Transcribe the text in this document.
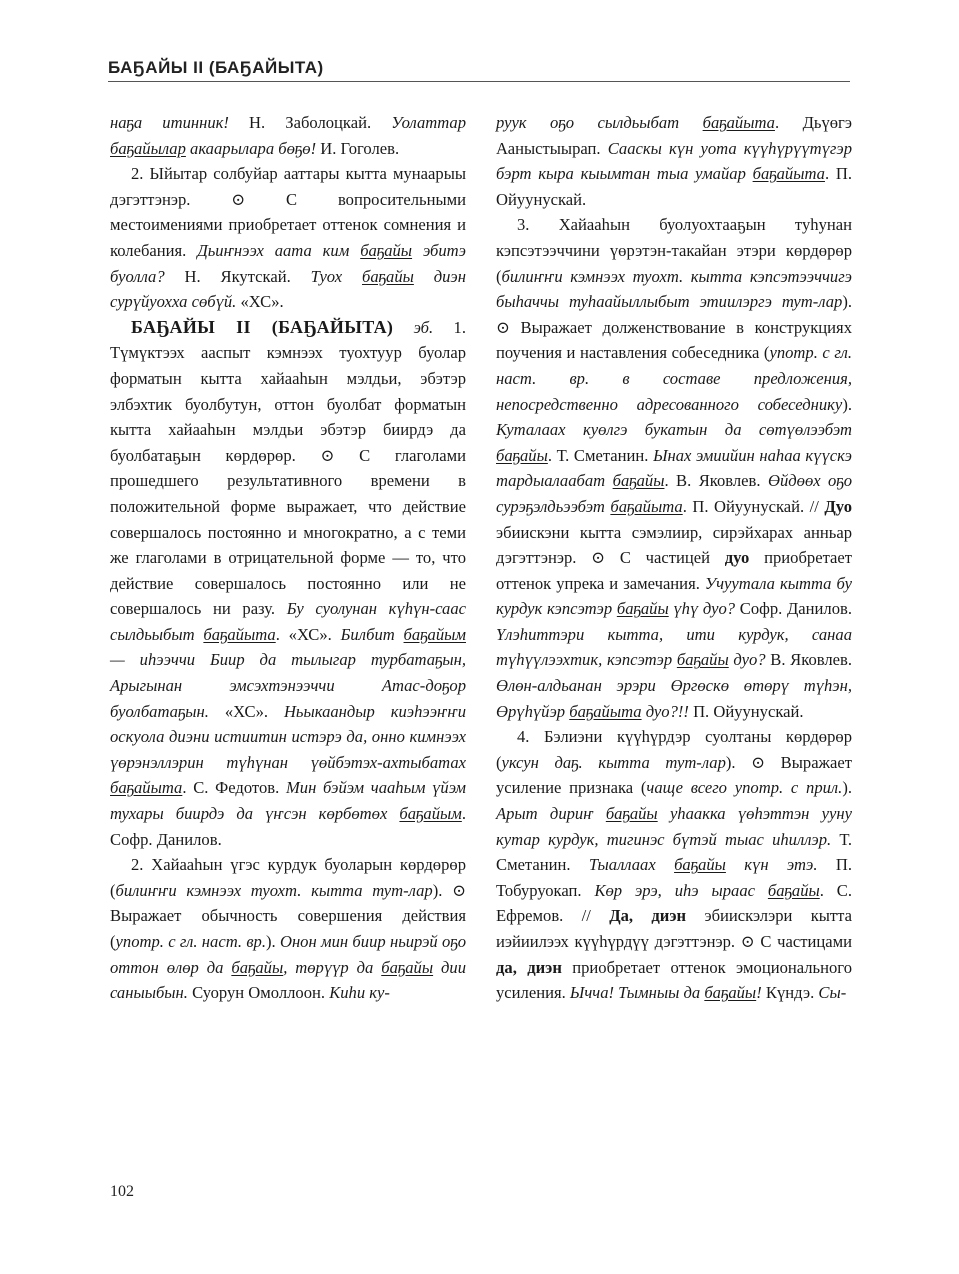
БАҔАЙЫ II (БАҔАЙЫТА)

наҕа итинник! Н. Заболоцкай. Уолаттар баҕайылар акаарылара бөҕө! И. Гоголев.

2. Ыйытар солбуйар ааттары кытта мунаарыы дэгэттэнэр. ⊙ С вопросительными местоимениями приобретает оттенок сомнения и колебания. Дьиҥнээх аата ким баҕайы эбитэ буолла? Н. Якутскай. Туох баҕайы диэн сурүйуохха сөбүй. «ХС».

БАҔАЙЫ II (БАҔАЙЫТА) эб. 1. Түмүктээх ааспыт кэмнээх туохтуур буолар форматын кытта хайааһын мэлдьи, эбэтэр элбэхтик буолбутун, оттон буолбат форматын кытта хайааһын мэлдьи эбэтэр биирдэ да буолбатаҕын көрдөрөр. ⊙ С глаголами прошедшего результативного времени в положительной форме выражает, что действие совершалось постоянно и многократно, а с теми же глаголами в отрицательной форме — то, что действие совершалось постоянно или не совершалось ни разу. Бу суолунан күһүн-саас сылдьыбыт баҕайыта. «ХС». Билбит баҕайым — иһээччи Биир да тылыгар турбатаҕын, Арыгынан эмсэхтэнээччи Атас-доҕор буолбатаҕын. «ХС». Ньыкаандыр киэһээҥҥи оскуола диэни истиитин истэрэ да, онно кимнээх үөрэнэллэрин түһүнан үөйбэтэх-ахтыбатах баҕайыта. С. Федотов. Мин бэйэм чааһым үйэм тухары биирдэ да үҥсэн көрбөтөх баҕайым. Софр. Данилов.

2. Хайааһын үгэс курдук буоларын көрдөрөр (билиҥҥи кэмнээх туохт. кытта тут-лар). ⊙ Выражает обычность совершения действия (употр. с гл. наст. вр.). Онон мин биир ньирэй оҕо оттон өлөр да баҕайы, төрүүр да баҕайы дии саныыбын. Суорун Омоллоон. Киһи ку-

руук оҕо сылдьыбат баҕайыта. Дьүөгэ Ааныстыырап. Сааскы күн уота күүһүрүүтүгэр бэрт кыра кыымтан тыа умайар баҕайыта. П. Ойуунускай.

3. Хайааһын буолуохтааҕын туһунан кэпсэтээччини үөрэтэн-такайан этэри көрдөрөр (билиҥҥи кэмнээх туохт. кытта кэпсэтээччигэ быһаччы туһаайыллыбыт этиилэргэ тут-лар). ⊙ Выражает долженствование в конструкциях поучения и наставления собеседника (употр. с гл. наст. вр. в составе предложения, непосредственно адресованного собеседнику). Куталаах куөлгэ букатын да сөтүөлээбэт баҕайы. Т. Сметанин. Ынах эмиийин наһаа күүскэ тардыалаабат баҕайы. В. Яковлев. Өйдөөх оҕо сурэҕэлдьээбэт баҕайыта. П. Ойуунускай. // Дуо эбиискэни кытта сэмэлиир, сирэйхарах анньар дэгэттэнэр. ⊙ С частицей дуо приобретает оттенок упрека и замечания. Учуутала кытта бу курдук кэпсэтэр баҕайы үһү дуо? Софр. Данилов. Үлэһиттэри кытта, ити курдук, санаа түһүүлээхтик, кэпсэтэр баҕайы дуо? В. Яковлев. Өлөн-алдьанан эрэри Өргөскө өтөрү түһэн, Өрүһүйэр баҕайыта дуо?!! П. Ойуунускай.

4. Бэлиэни күүһүрдэр суолтаны көрдөрөр (уксун даҕ. кытта тут-лар). ⊙ Выражает усиление признака (чаще всего употр. с прил.). Арыт дириҥ баҕайы уһаакка үөһэттэн ууну кутар курдук, тигинэс бүтэй тыас иһиллэр. Т. Сметанин. Тыаллаах баҕайы күн этэ. П. Тобуруокап. Көр эрэ, иһэ ыраас баҕайы. С. Ефремов. // Да, диэн эбиискэлэри кытта иэйиилээх күүһүрдүү дэгэттэнэр. ⊙ С частицами да, диэн приобретает оттенок эмоционального усиления. Ычча! Тымныы да баҕайы! Күндэ. Сы-

102
